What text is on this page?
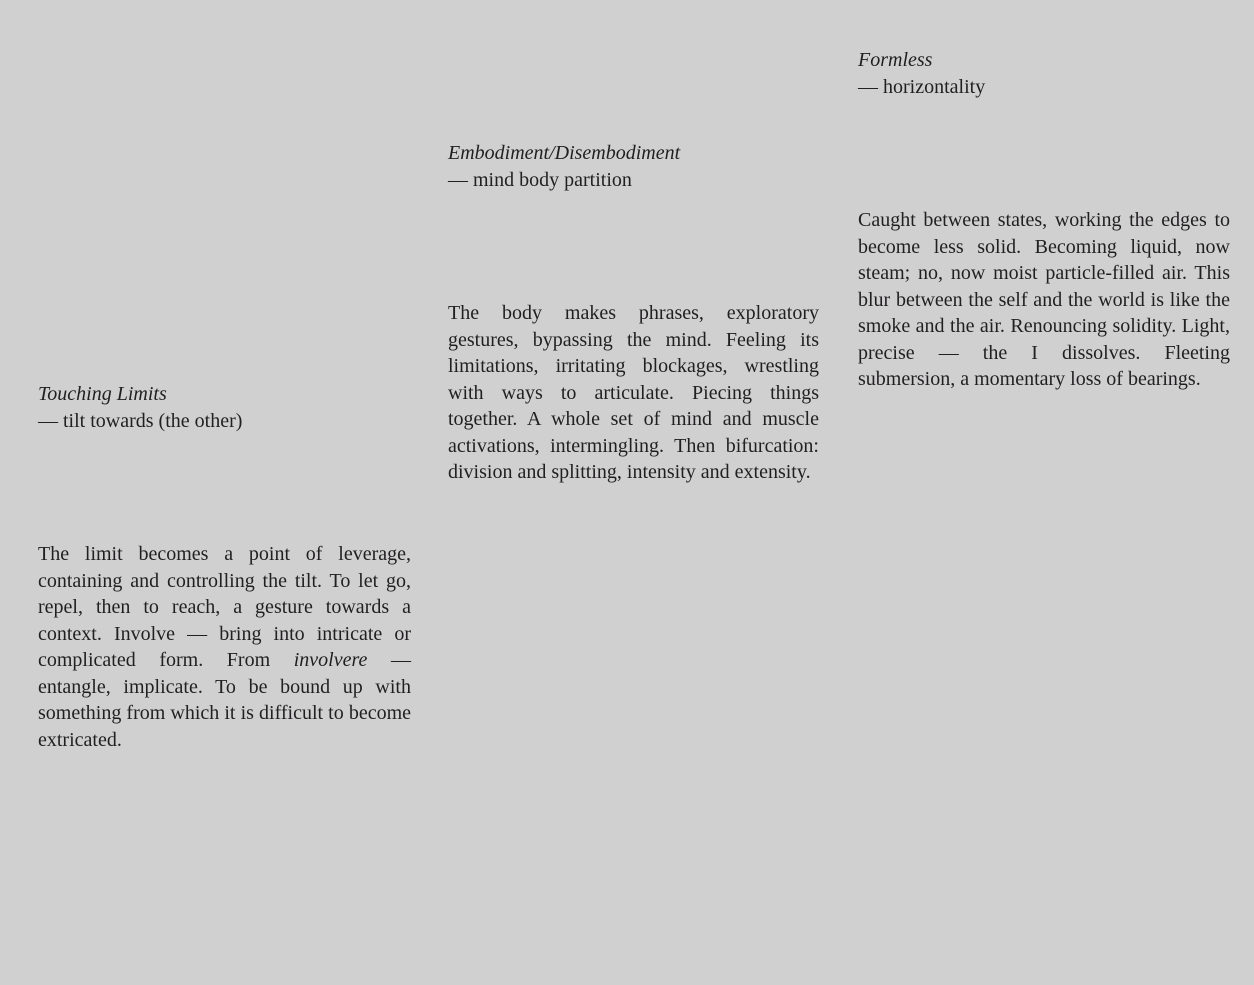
Touching Limits
— tilt towards (the other)

The limit becomes a point of leverage, containing and controlling the tilt. To let go, repel, then to reach, a gesture towards a context. Involve — bring into intricate or complicated form. From involvere — entangle, implicate. To be bound up with something from which it is difficult to become extricated.

Embodiment/Disembodiment
— mind body partition

The body makes phrases, exploratory gestures, bypassing the mind. Feeling its limitations, irritating blockages, wrestling with ways to articulate. Piecing things together. A whole set of mind and muscle activations, intermingling. Then bifurcation: division and splitting, intensity and extensity.

Formless
— horizontality

Caught between states, working the edges to become less solid. Becoming liquid, now steam; no, now moist particle-filled air. This blur between the self and the world is like the smoke and the air. Renouncing solidity. Light, precise — the I dissolves. Fleeting submersion, a momentary loss of bearings.
